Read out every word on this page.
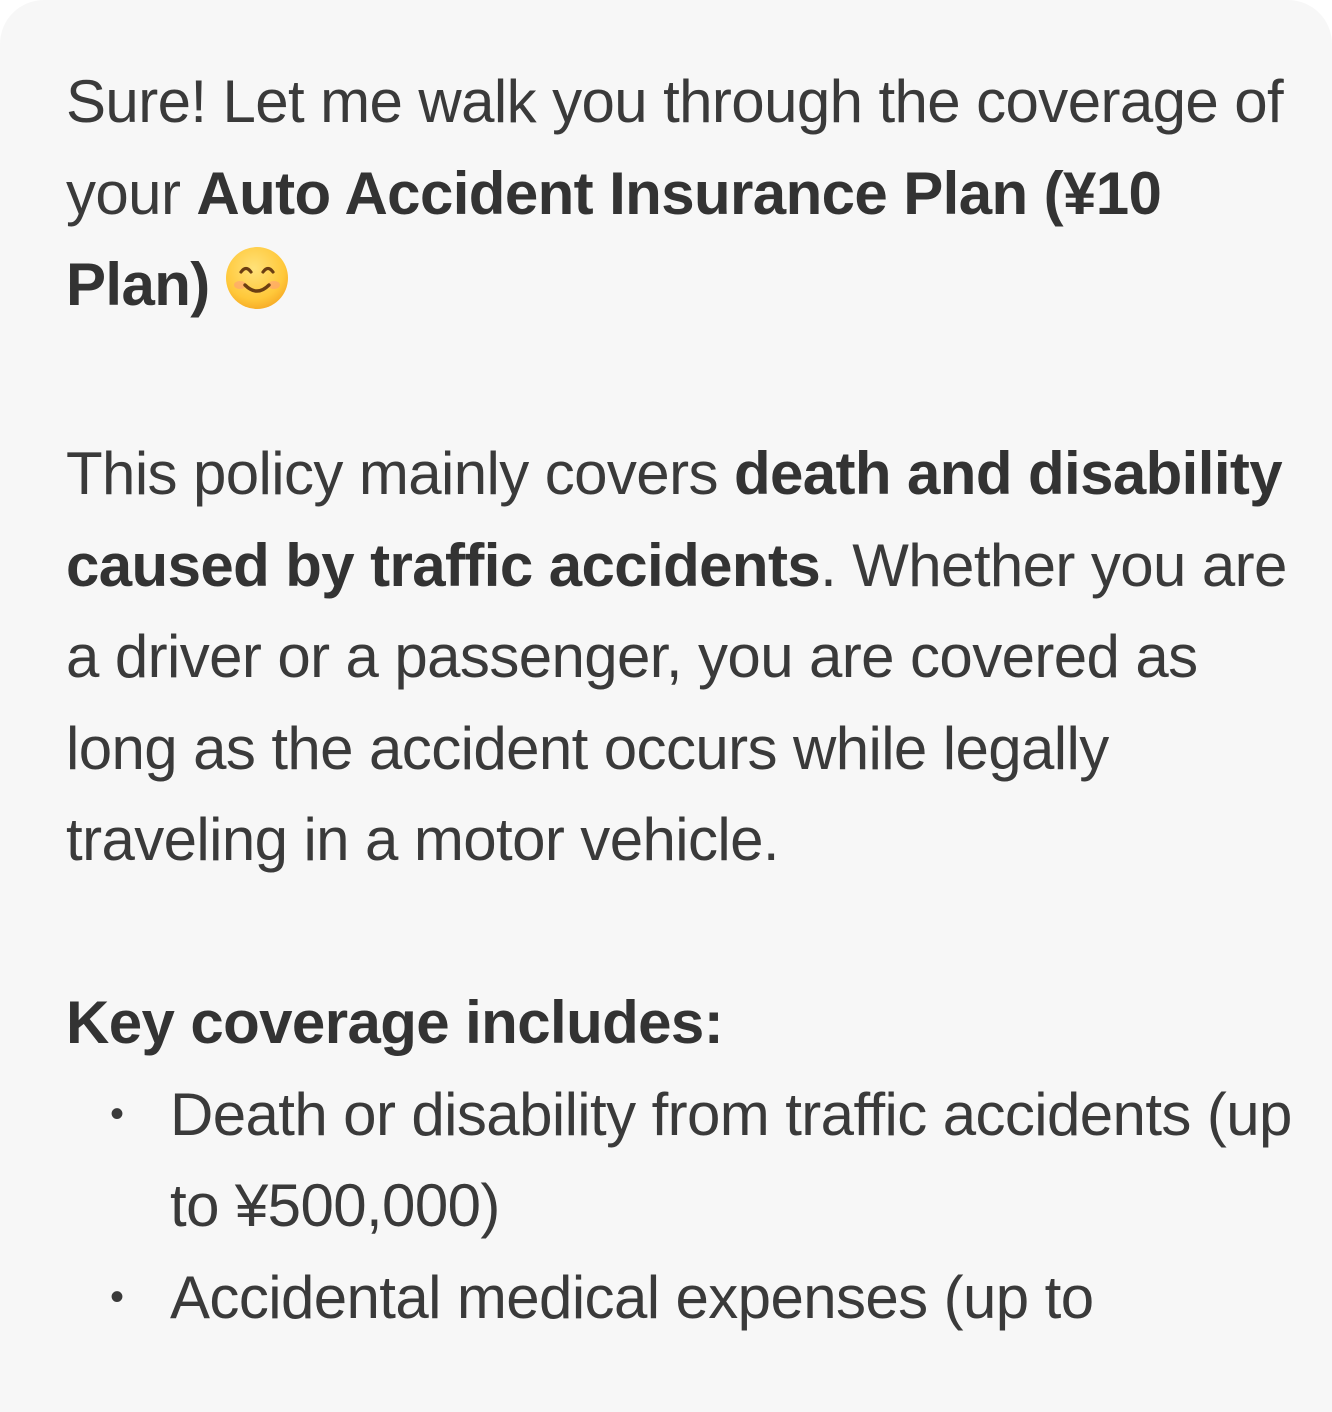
Sure! Let me walk you through the coverage of your Auto Accident Insurance Plan (¥10 Plan)

This policy mainly covers death and disability caused by traffic accidents. Whether you are a driver or a passenger, you are covered as long as the accident occurs while legally traveling in a motor vehicle.

Key coverage includes:

• Death or disability from traffic accidents (up to ¥500,000)
• Accidental medical expenses (up to
